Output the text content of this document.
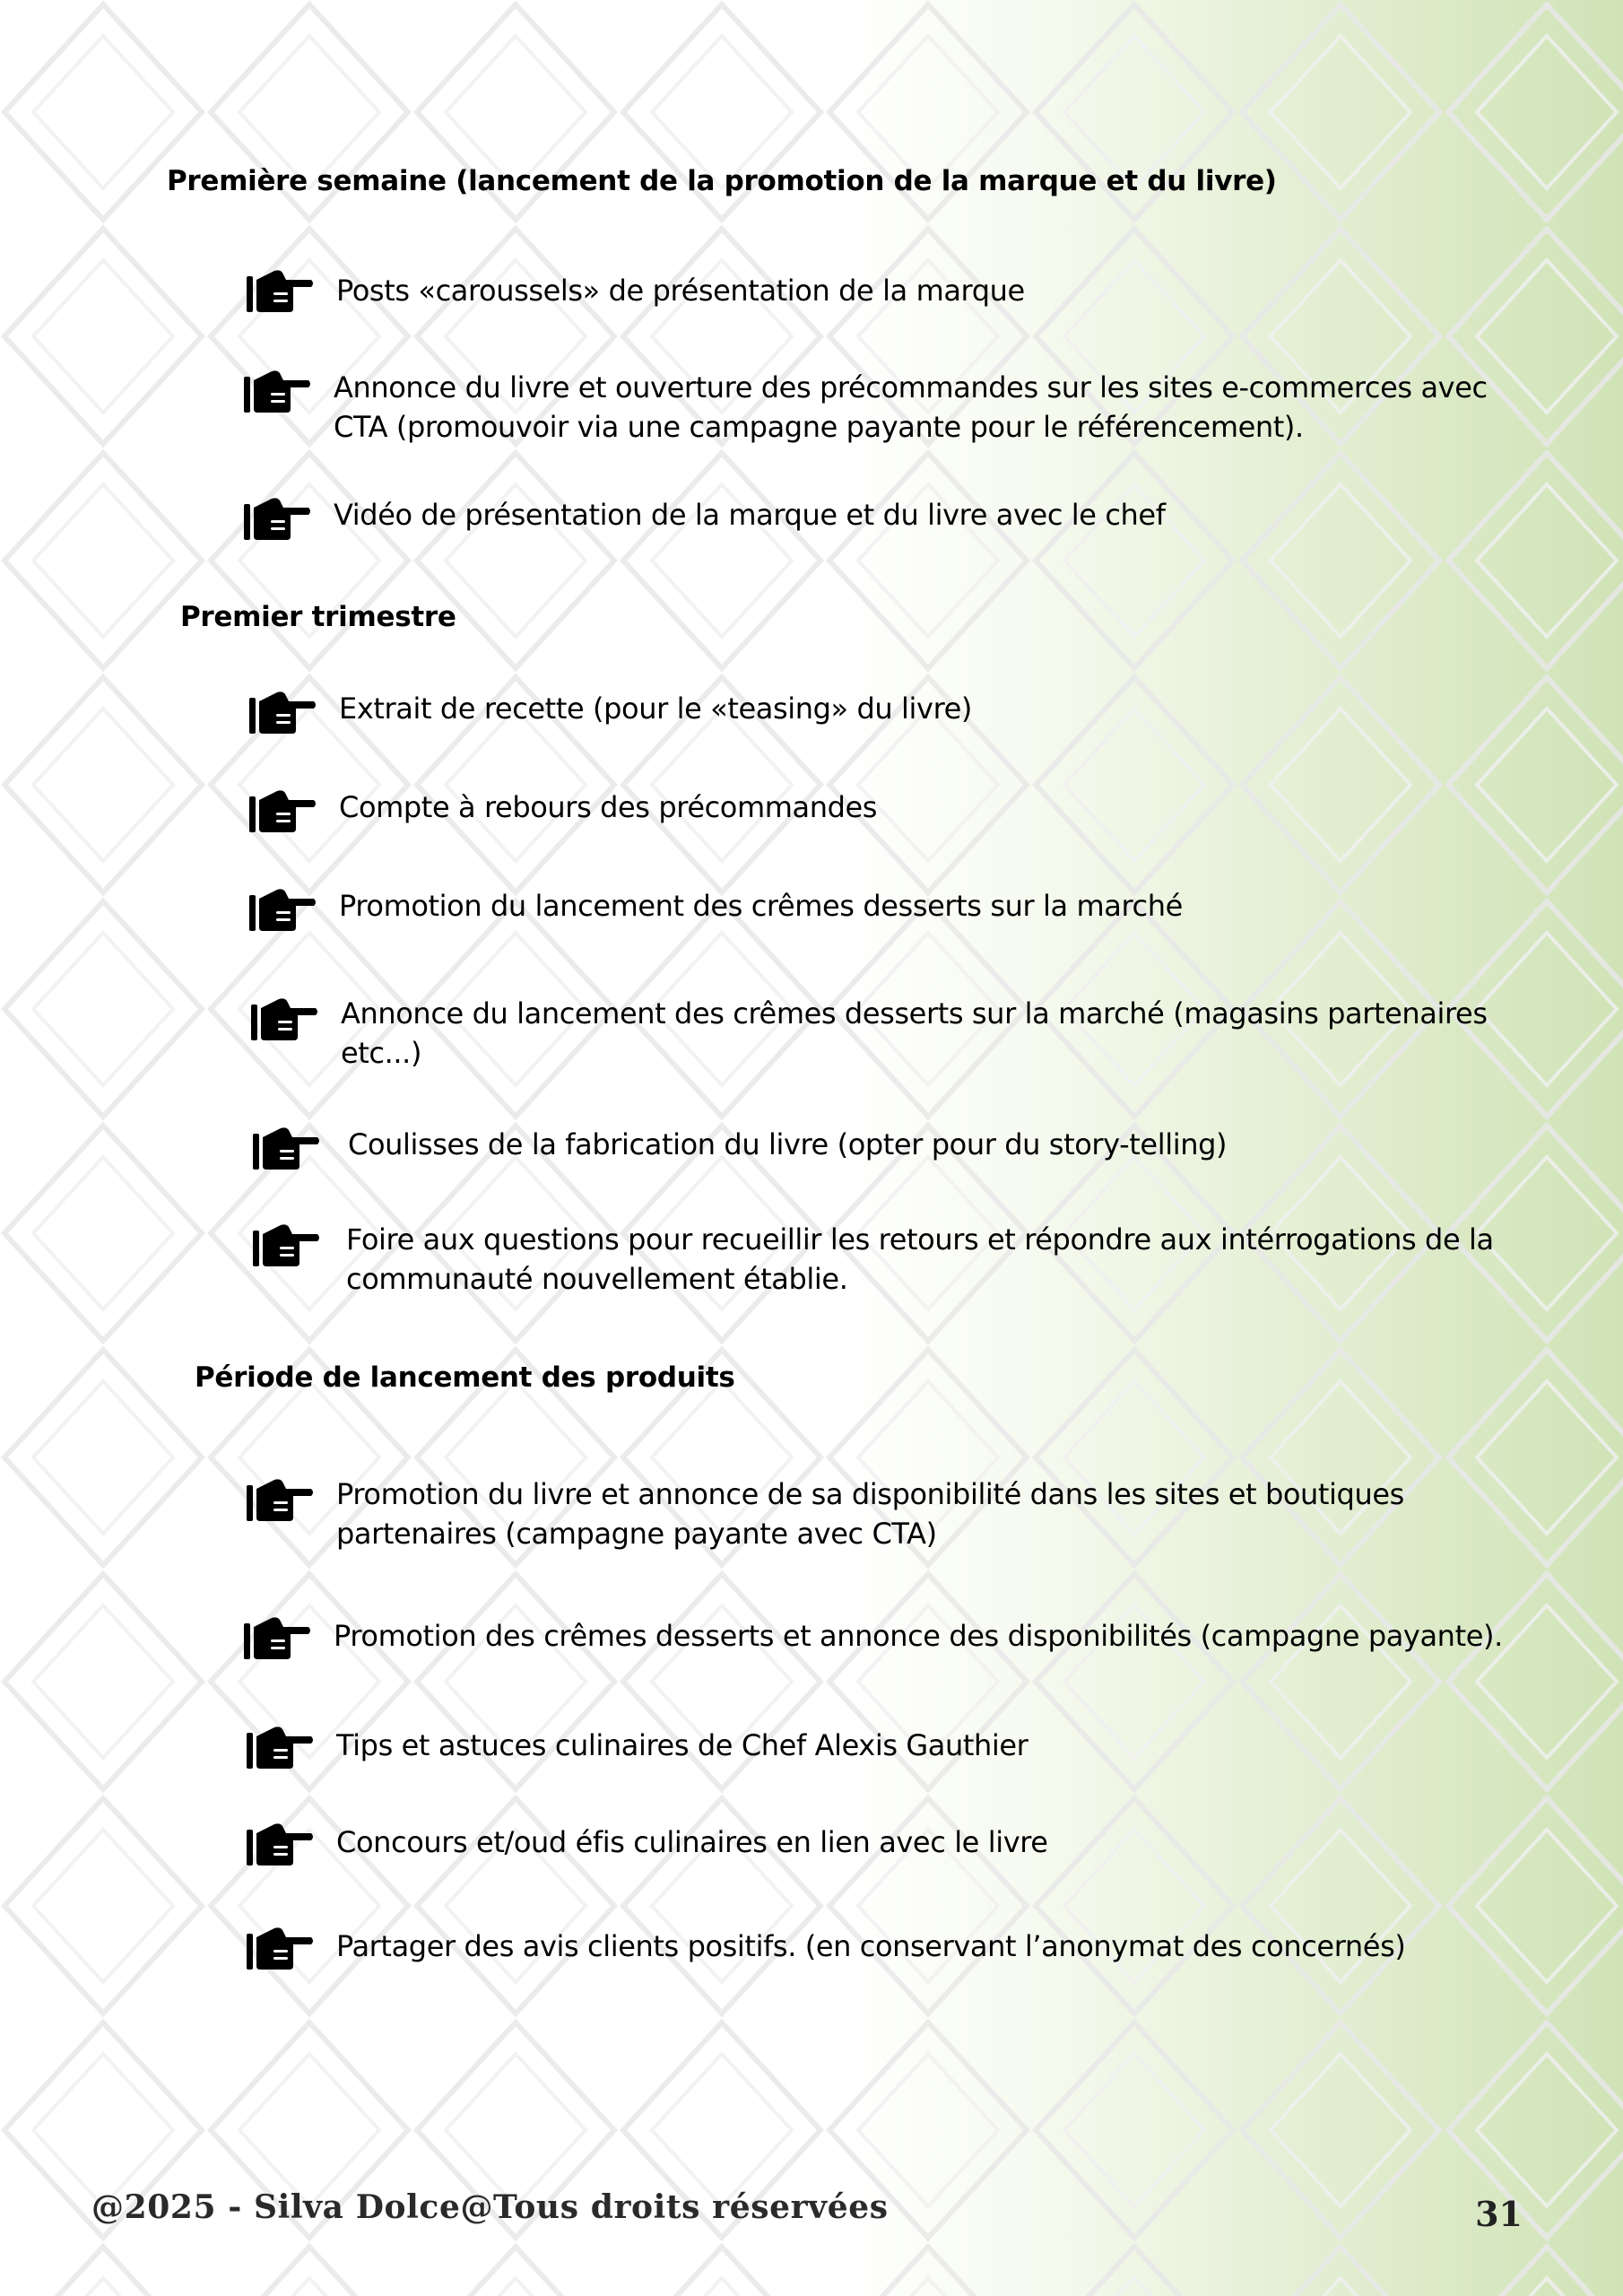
Première semaine (lancement de la promotion de la marque et du livre)
Posts «caroussels» de présentation de la marque
Annonce du livre et ouverture des précommandes sur les sites e-commerces avec CTA (promouvoir via une campagne payante pour le référencement).
Vidéo de présentation de la marque et du livre avec le chef
Premier trimestre
Extrait de recette (pour le «teasing» du livre)
Compte à rebours des précommandes
Promotion du lancement des crêmes desserts sur la marché
Annonce du lancement des crêmes desserts sur la marché (magasins partenaires etc...)
Coulisses de la fabrication du livre (opter pour du story-telling)
Foire aux questions pour recueillir les retours et répondre aux intérrogations de la communauté nouvellement établie.
Période de lancement des produits
Promotion du livre et annonce de sa disponibilité dans les sites et boutiques partenaires (campagne payante avec CTA)
Promotion des crêmes desserts et annonce des disponibilités (campagne payante).
Tips et astuces culinaires de Chef Alexis Gauthier
Concours et/oud éfis culinaires en lien avec le livre
Partager des avis clients positifs. (en conservant l’anonymat des concernés)
@2025 - Silva Dolce@Tous droits réservées	31
